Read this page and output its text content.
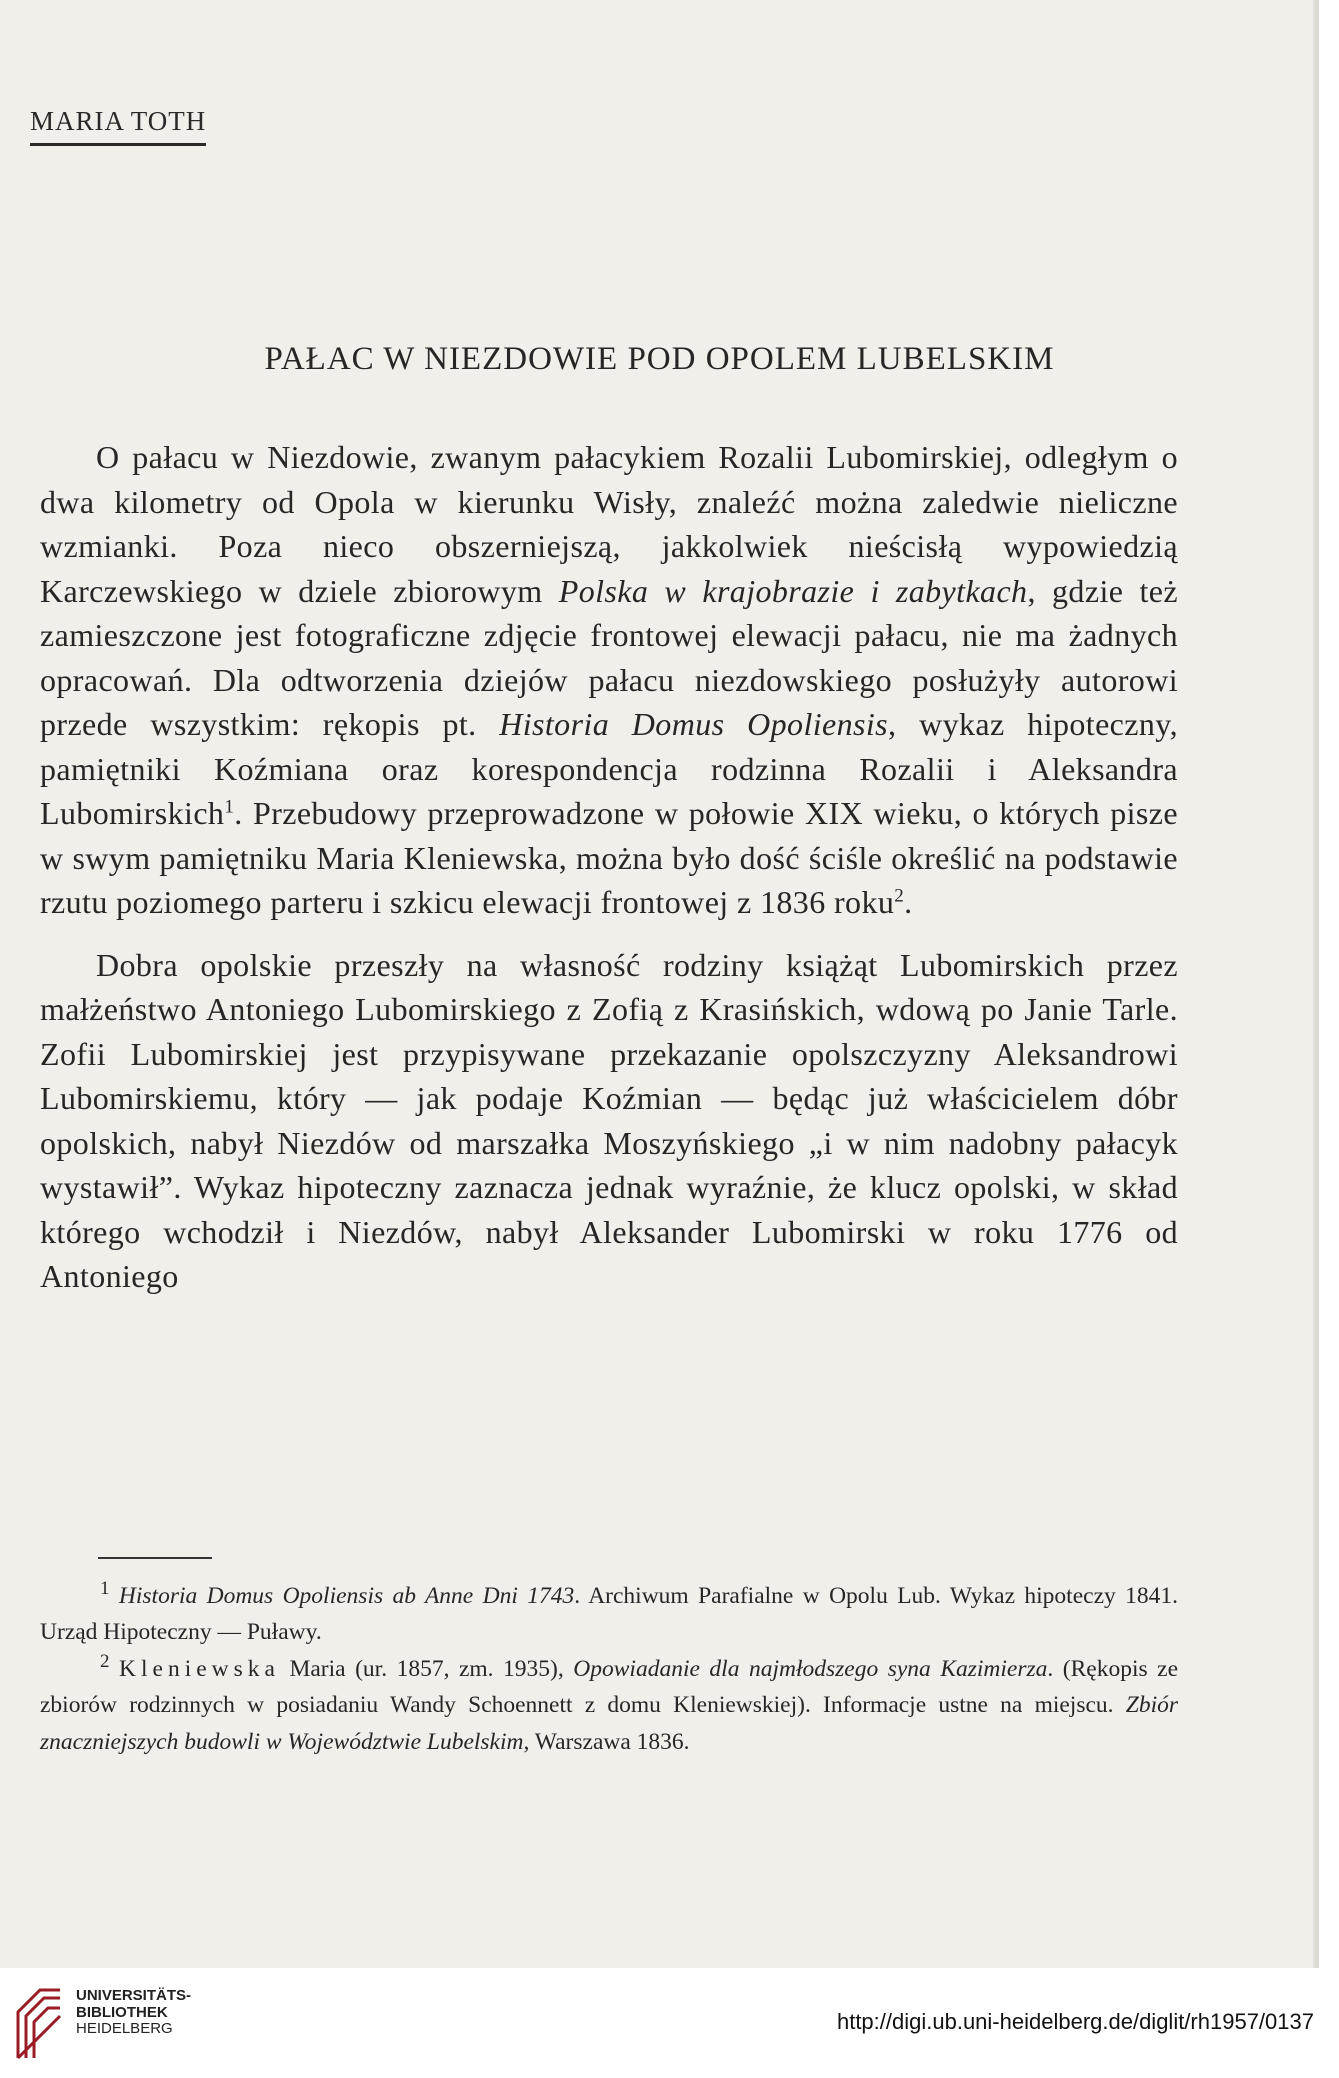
MARIA TOTH
PAŁAC W NIEZDOWIE POD OPOLEM LUBELSKIM

O pałacu w Niezdowie, zwanym pałacykiem Rozalii Lubomirskiej, odległym o dwa kilometry od Opola w kierunku Wisły, znaleźć można zaledwie nieliczne wzmianki. Poza nieco obszerniejszą, jakkolwiek nieścisłą wypowiedzią Karczewskiego w dziele zbiorowym Polska w krajobrazie i zabytkach, gdzie też zamieszczone jest fotograficzne zdjęcie frontowej elewacji pałacu, nie ma żadnych opracowań. Dla odtworzenia dziejów pałacu niezdowskiego posłużyły autorowi przede wszystkim: rękopis pt. Historia Domus Opoliensis, wykaz hipoteczny, pamiętniki Koźmiana oraz korespondencja rodzinna Rozalii i Aleksandra Lubomirskich$^1$. Przebudowy przeprowadzone w połowie XIX wieku, o których pisze w swym pamiętniku Maria Kleniewska, można było dość ściśle określić na podstawie rzutu poziomego parteru i szkicu elewacji frontowej z 1836 roku$^2$.

Dobra opolskie przeszły na własność rodziny książąt Lubomirskich przez małżeństwo Antoniego Lubomirskiego z Zofią z Krasińskich, wdową po Janie Tarle. Zofii Lubomirskiej jest przypisywane przekazanie opolszczyzny Aleksandrowi Lubomirskiemu, który — jak podaje Koźmian — będąc już właścicielem dóbr opolskich, nabył Niezdów od marszałka Moszyńskiego „i w nim nadobny pałacyk wystawił”. Wykaz hipoteczny zaznacza jednak wyraźnie, że klucz opolski, w skład którego wchodził i Niezdów, nabył Aleksander Lubomirski w roku 1776 od Antoniego

$^1$ Historia Domus Opoliensis ab Anne Dni 1743. Archiwum Parafialne w Opolu Lub. Wykaz hipoteczy 1841. Urząd Hipoteczny — Puławy.

$^2$ Kleniewska Maria (ur. 1857, zm. 1935), Opowiadanie dla najmłodszego syna Kazimierza. (Rękopis ze zbiorów rodzinnych w posiadaniu Wandy Schoennett z domu Kleniewskiej). Informacje ustne na miejscu. Zbiór znaczniejszych budowli w Województwie Lubelskim, Warszawa 1836.

UNIVERSITÄTS-
BIBLIOTHEK
HEIDELBERG	http://digi.ub.uni-heidelberg.de/diglit/rh1957/0137
